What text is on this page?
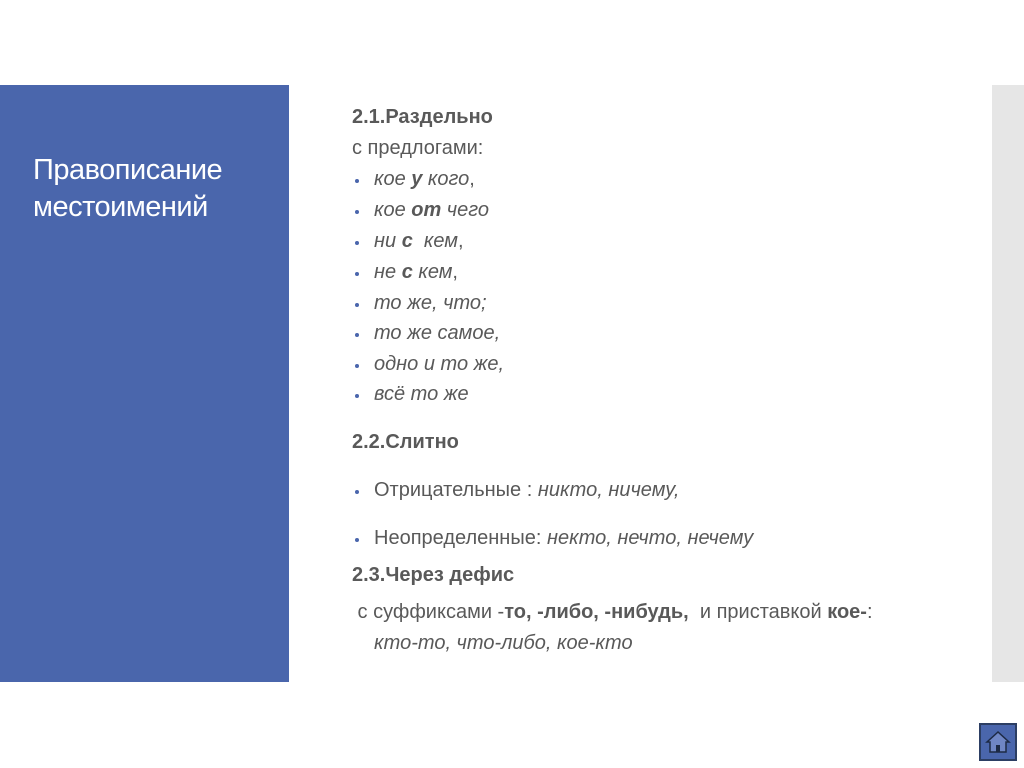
Правописание местоимений
2.1.Раздельно
с предлогами:
кое у кого,
кое от чего
ни с  кем,
не с кем,
то же, что;
то же самое,
одно и то же,
всё то же
2.2.Слитно
Отрицательные : никто, ничему,
Неопределенные: некто, нечто, нечему
2.3.Через дефис
с суффиксами -то, -либо, -нибудь,  и приставкой кое-:
кто-то, что-либо, кое-кто
